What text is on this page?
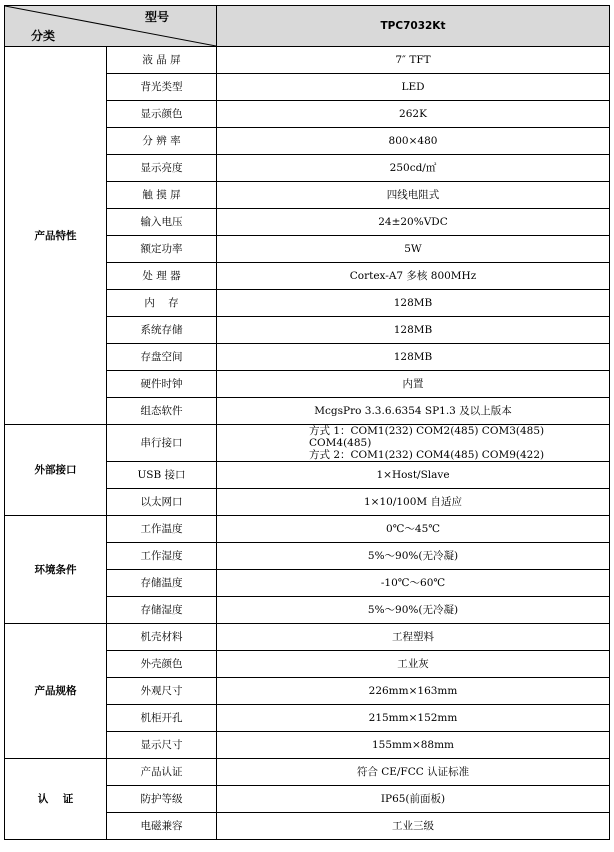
型号
分类		TPC7032Kt
产品特性	液 晶 屏	7″ TFT
	背光类型	LED
	显示颜色	262K
	分 辨 率	800×480
	显示亮度	250cd/㎡
	触 摸 屏	四线电阻式
	输入电压	24±20%VDC
	额定功率	5W
	处 理 器	Cortex-A7 多核 800MHz
	内    存	128MB
	系统存储	128MB
	存盘空间	128MB
	硬件时钟	内置
	组态软件	McgsPro 3.3.6.6354 SP1.3 及以上版本
外部接口	串行接口	方式 1：COM1(232) COM2(485) COM3(485) COM4(485)
方式 2：COM1(232) COM4(485) COM9(422)

	USB 接口	1×Host/Slave
	以太网口	1×10/100M 自适应
环境条件	工作温度	0℃～45℃
	工作湿度	5%～90%(无冷凝)
	存储温度	-10℃～60℃
	存储湿度	5%～90%(无冷凝)
产品规格	机壳材料	工程塑料
	外壳颜色	工业灰
	外观尺寸	226mm×163mm
	机柜开孔	215mm×152mm
	显示尺寸	155mm×88mm
认    证	产品认证	符合 CE/FCC 认证标准
	防护等级	IP65(前面板)
	电磁兼容	工业三级
